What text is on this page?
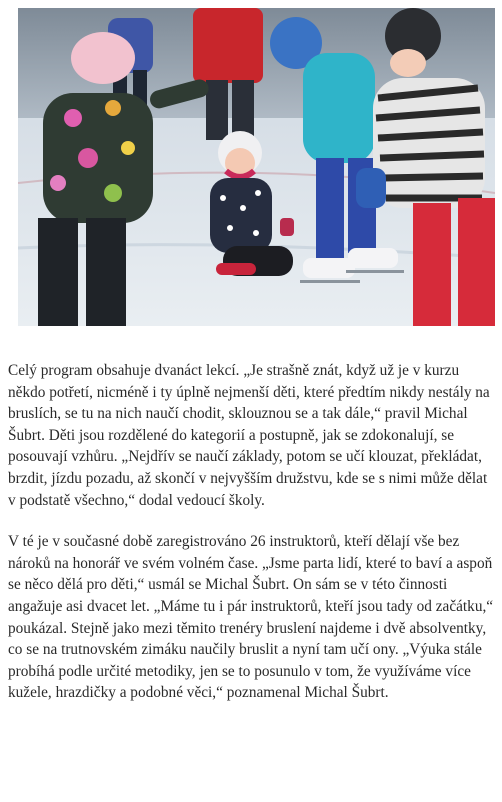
Celý program obsahuje dvanáct lekcí. „Je strašně znát, když už je v kurzu někdo potřetí, nicméně i ty úplně nejmenší děti, které předtím nikdy nestály na bruslích, se tu na nich naučí chodit, sklouznou se a tak dále,“ pravil Michal Šubrt. Děti jsou rozdělené do kategorií a postupně, jak se zdokonalují, se posouvají vzhůru. „Nejdřív se naučí základy, potom se učí klouzat, překládat, brzdit, jízdu pozadu, až skončí v nejvyšším družstvu, kde se s nimi může dělat v podstatě všechno,“ dodal vedoucí školy.

V té je v současné době zaregistrováno 26 instruktorů, kteří dělají vše bez nároků na honorář ve svém volném čase. „Jsme parta lidí, které to baví a aspoň se něco dělá pro děti,“ usmál se Michal Šubrt. On sám se v této činnosti angažuje asi dvacet let. „Máme tu i pár instruktorů, kteří jsou tady od začátku,“ poukázal. Stejně jako mezi těmito trenéry bruslení najdeme i dvě absolventky, co se na trutnovském zimáku naučily bruslit a nyní tam učí ony. „Výuka stále probíhá podle určité metodiky, jen se to posunulo v tom, že využíváme více kužele, hrazdičky a podobné věci,“ poznamenal Michal Šubrt.
